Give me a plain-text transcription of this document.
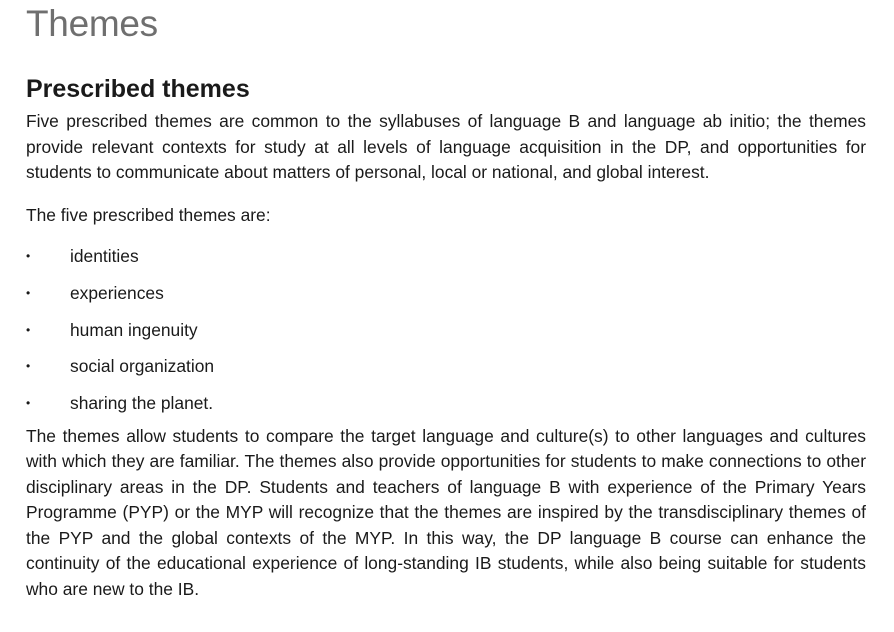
Themes
Prescribed themes

Five prescribed themes are common to the syllabuses of language B and language ab initio; the themes provide relevant contexts for study at all levels of language acquisition in the DP, and opportunities for students to communicate about matters of personal, local or national, and global interest.

The five prescribed themes are:

•	identities
•	experiences
•	human ingenuity
•	social organization
•	sharing the planet.

The themes allow students to compare the target language and culture(s) to other languages and cultures with which they are familiar. The themes also provide opportunities for students to make connections to other disciplinary areas in the DP. Students and teachers of language B with experience of the Primary Years Programme (PYP) or the MYP will recognize that the themes are inspired by the transdisciplinary themes of the PYP and the global contexts of the MYP. In this way, the DP language B course can enhance the continuity of the educational experience of long-standing IB students, while also being suitable for students who are new to the IB.
